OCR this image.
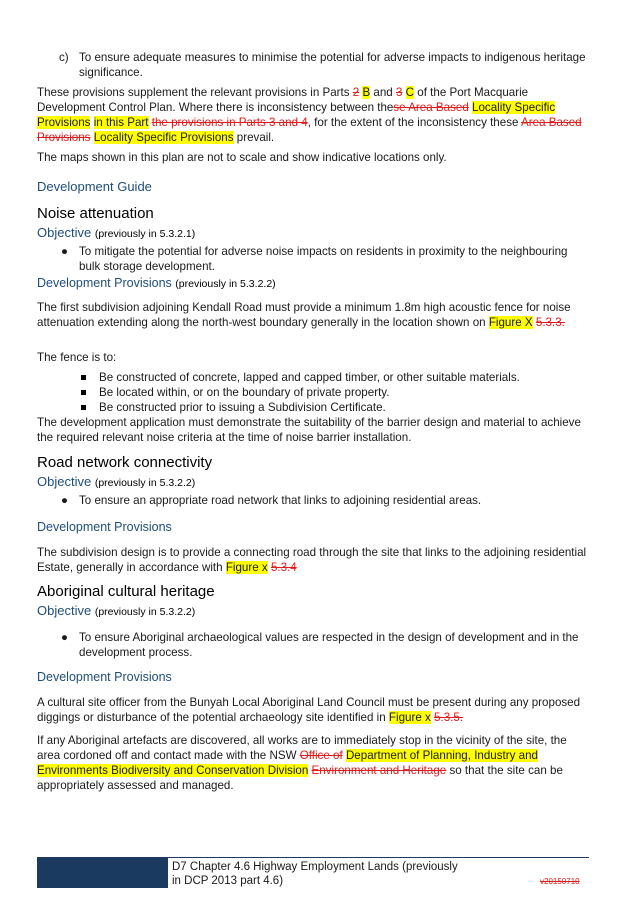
c) To ensure adequate measures to minimise the potential for adverse impacts to indigenous heritage significance.

These provisions supplement the relevant provisions in Parts 2 B and 3 C of the Port Macquarie Development Control Plan. Where there is inconsistency between these Area Based Locality Specific Provisions in this Part the provisions in Parts 3 and 4, for the extent of the inconsistency these Area Based Provisions Locality Specific Provisions prevail.

The maps shown in this plan are not to scale and show indicative locations only.

Development Guide
Noise attenuation
Objective (previously in 5.3.2.1)
● To mitigate the potential for adverse noise impacts on residents in proximity to the neighbouring bulk storage development.
Development Provisions (previously in 5.3.2.2)

The first subdivision adjoining Kendall Road must provide a minimum 1.8m high acoustic fence for noise attenuation extending along the north-west boundary generally in the location shown on Figure X 5.3.3.

The fence is to:

Be constructed of concrete, lapped and capped timber, or other suitable materials.
Be located within, or on the boundary of private property.
Be constructed prior to issuing a Subdivision Certificate.

The development application must demonstrate the suitability of the barrier design and material to achieve the required relevant noise criteria at the time of noise barrier installation.

Road network connectivity
Objective (previously in 5.3.2.2)
● To ensure an appropriate road network that links to adjoining residential areas.
Development Provisions

The subdivision design is to provide a connecting road through the site that links to the adjoining residential Estate, generally in accordance with Figure x 5.3.4

Aboriginal cultural heritage
Objective (previously in 5.3.2.2)
● To ensure Aboriginal archaeological values are respected in the design of development and in the development process.
Development Provisions

A cultural site officer from the Bunyah Local Aboriginal Land Council must be present during any proposed diggings or disturbance of the potential archaeology site identified in Figure x 5.3.5.

If any Aboriginal artefacts are discovered, all works are to immediately stop in the vicinity of the site, the area cordoned off and contact made with the NSW Office of Department of Planning, Industry and Environments Biodiversity and Conservation Division Environment and Heritage so that the site can be appropriately assessed and managed.

D7 Chapter 4.6 Highway Employment Lands (previously
in DCP 2013 part 4.6)	v20150710
